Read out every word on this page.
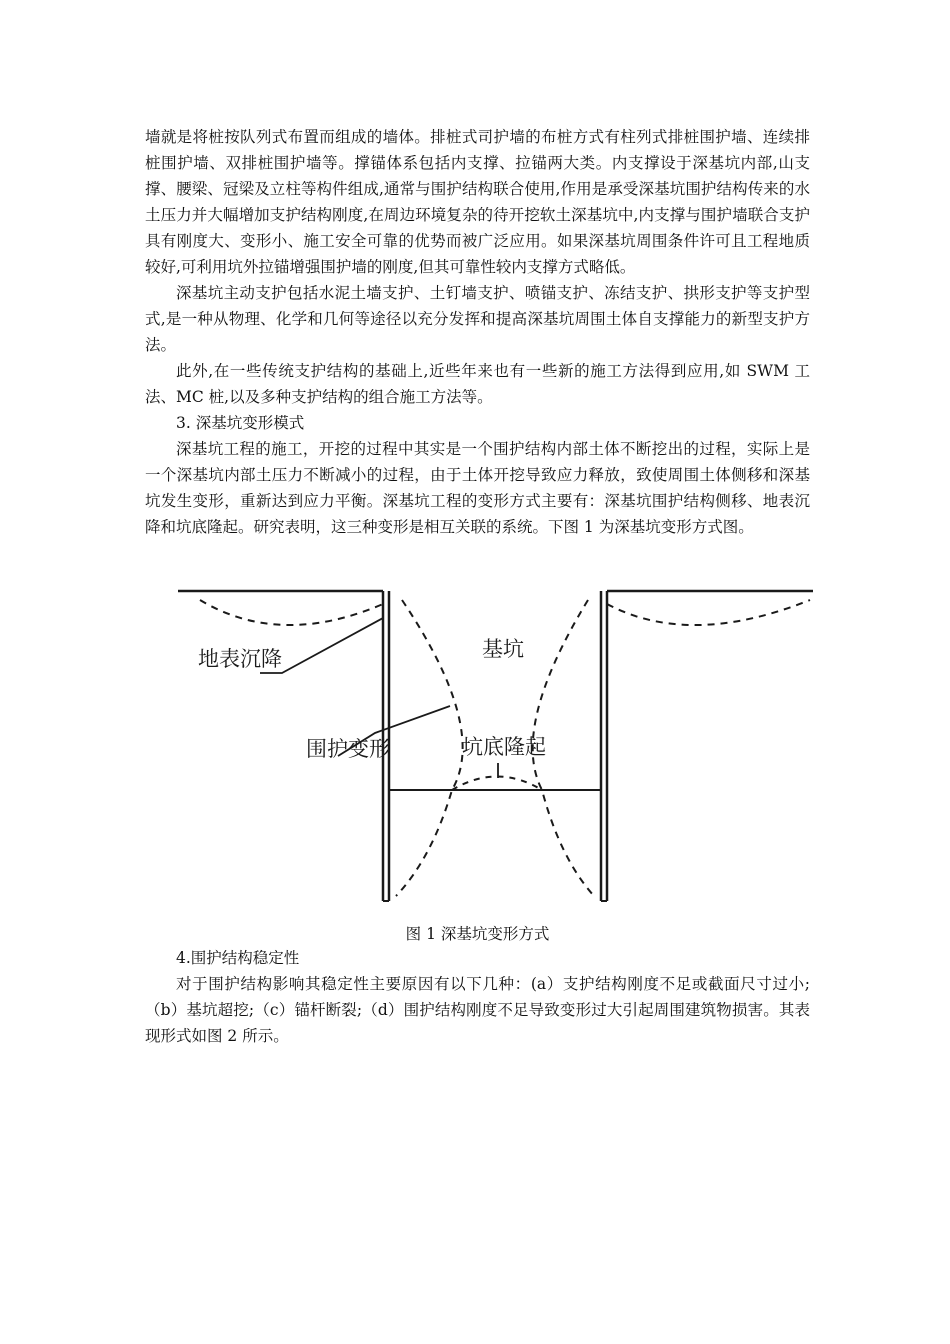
墙就是将桩按队列式布置而组成的墙体。排桩式司护墙的布桩方式有柱列式排桩围护墙、连续排桩围护墙、双排桩围护墙等。撑锚体系包括内支撑、拉锚两大类。内支撑设于深基坑内部,山支撑、腰梁、冠梁及立柱等构件组成,通常与围护结构联合使用,作用是承受深基坑围护结构传来的水土压力并大幅增加支护结构刚度,在周边环境复杂的待开挖软土深基坑中,内支撑与围护墙联合支护具有刚度大、变形小、施工安全可靠的优势而被广泛应用。如果深基坑周围条件许可且工程地质较好,可利用坑外拉锚增强围护墙的刚度,但其可靠性较内支撑方式略低。

深基坑主动支护包括水泥土墙支护、土钉墙支护、喷锚支护、冻结支护、拱形支护等支护型式,是一种从物理、化学和几何等途径以充分发挥和提高深基坑周围土体自支撑能力的新型支护方法。

此外,在一些传统支护结构的基础上,近些年来也有一些新的施工方法得到应用,如 SWM 工法、MC 桩,以及多种支护结构的组合施工方法等。

3. 深基坑变形模式

深基坑工程的施工，开挖的过程中其实是一个围护结构内部土体不断挖出的过程，实际上是一个深基坑内部土压力不断减小的过程，由于土体开挖导致应力释放，致使周围土体侧移和深基坑发生变形，重新达到应力平衡。深基坑工程的变形方式主要有：深基坑围护结构侧移、地表沉降和坑底隆起。研究表明，这三种变形是相互关联的系统。下图 1 为深基坑变形方式图。

地表沉降	基坑
围护变形	坑底隆起
图 1 深基坑变形方式

4.围护结构稳定性

对于围护结构影响其稳定性主要原因有以下几种：(a）支护结构刚度不足或截面尺寸过小;（b）基坑超挖;（c）锚杆断裂;（d）围护结构刚度不足导致变形过大引起周围建筑物损害。其表现形式如图 2 所示。
